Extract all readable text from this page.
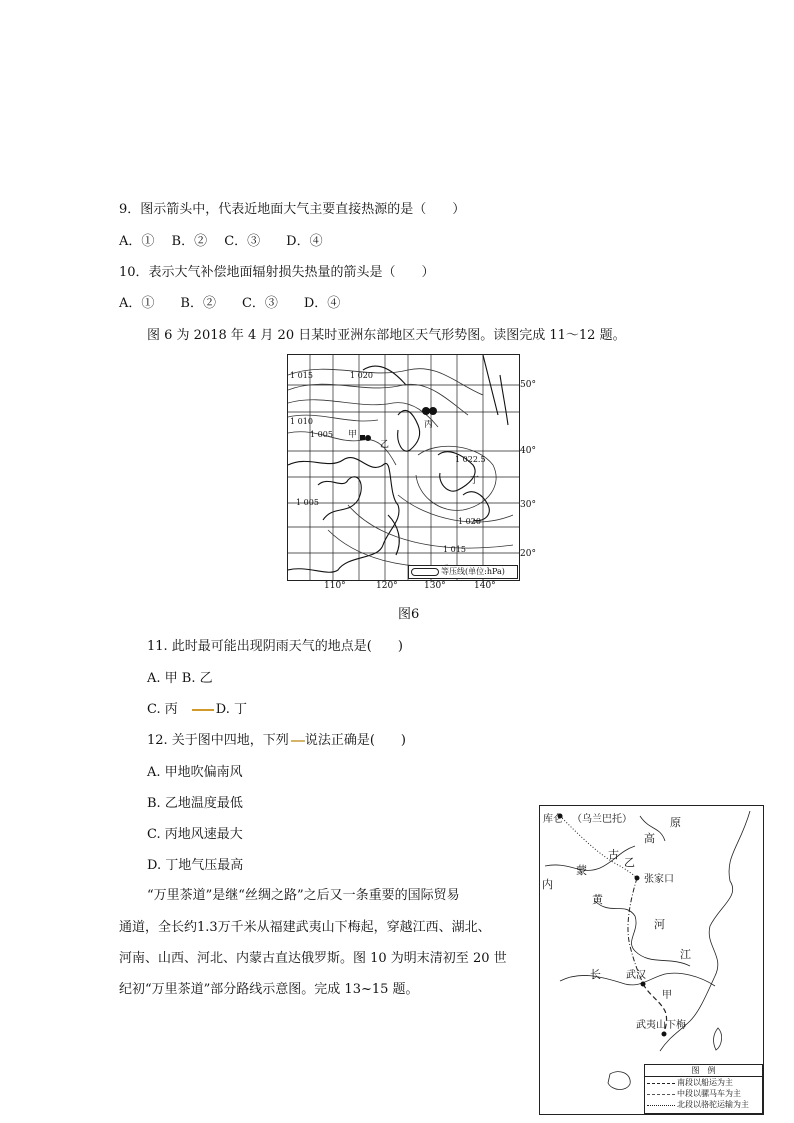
9．图示箭头中，代表近地面大气主要直接热源的是（　　）
A．①　 B．②　 C．③　　D．④
10．表示大气补偿地面辐射损失热量的箭头是（　　）
A．①　　B．②　　C．③　　D．④
图 6 为 2018 年 4 月 20 日某时亚洲东部地区天气形势图。读图完成 11～12 题。
1 015	1 020
1 010
1 005
1 005
1 022.5
1 020
1 015
甲
乙
丙
丁
等压线(单位:hPa)
50°
40°
30°
20°
110°	120°	130°	140°
图6
11. 此时最可能出现阴雨天气的地点是(　　)
A. 甲 B. 乙
C. 丙	D. 丁
12. 关于图中四地，下列 说法正确是(　　)
A. 甲地吹偏南风
B. 乙地温度最低
C. 丙地风速最大
D. 丁地气压最高
“万里茶道”是继“丝绸之路”之后又一条重要的国际贸易
通道，全长约1.3万千米从福建武夷山下梅起，穿越江西、湖北、
河南、山西、河北、内蒙古直达俄罗斯。图 10 为明末清初至 20 世
纪初“万里茶道”部分路线示意图。完成 13~15 题。
库仑 （乌兰巴托）
高
原
古
乙
内
蒙
张家口
黄
河
江
长	武汉
甲
武夷山下梅
图　例
南段以船运为主
中段以骡马车为主
北段以骆驼运输为主
